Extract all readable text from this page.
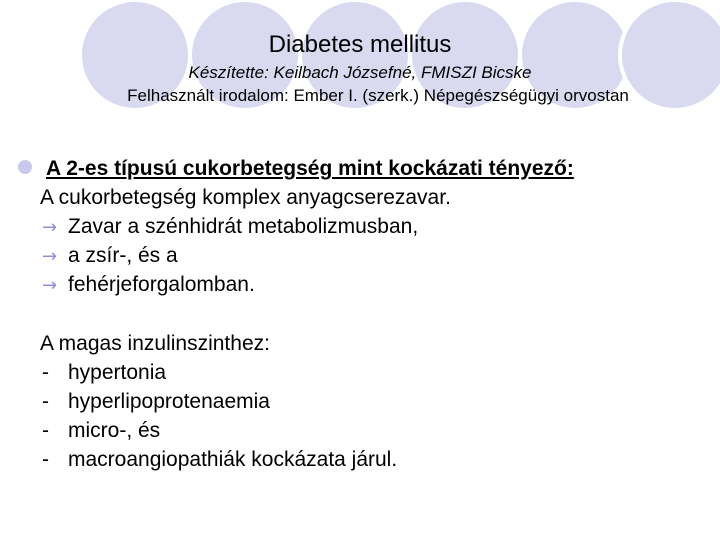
Diabetes mellitus
Készítette: Keilbach Józsefné, FMISZI Bicske
Felhasznált irodalom: Ember I. (szerk.) Népegészségügyi orvostan
A 2-es típusú cukorbetegség mint kockázati tényező:
A cukorbetegség komplex anyagcserezavar.
→ Zavar a szénhidrát metabolizmusban,
→ a zsír-, és a
→ fehérjeforgalomban.
A magas inzulinszinthez:
- hypertonia
- hyperlipoprotenaemia
- micro-, és
- macroangiopathiák kockázata járul.
